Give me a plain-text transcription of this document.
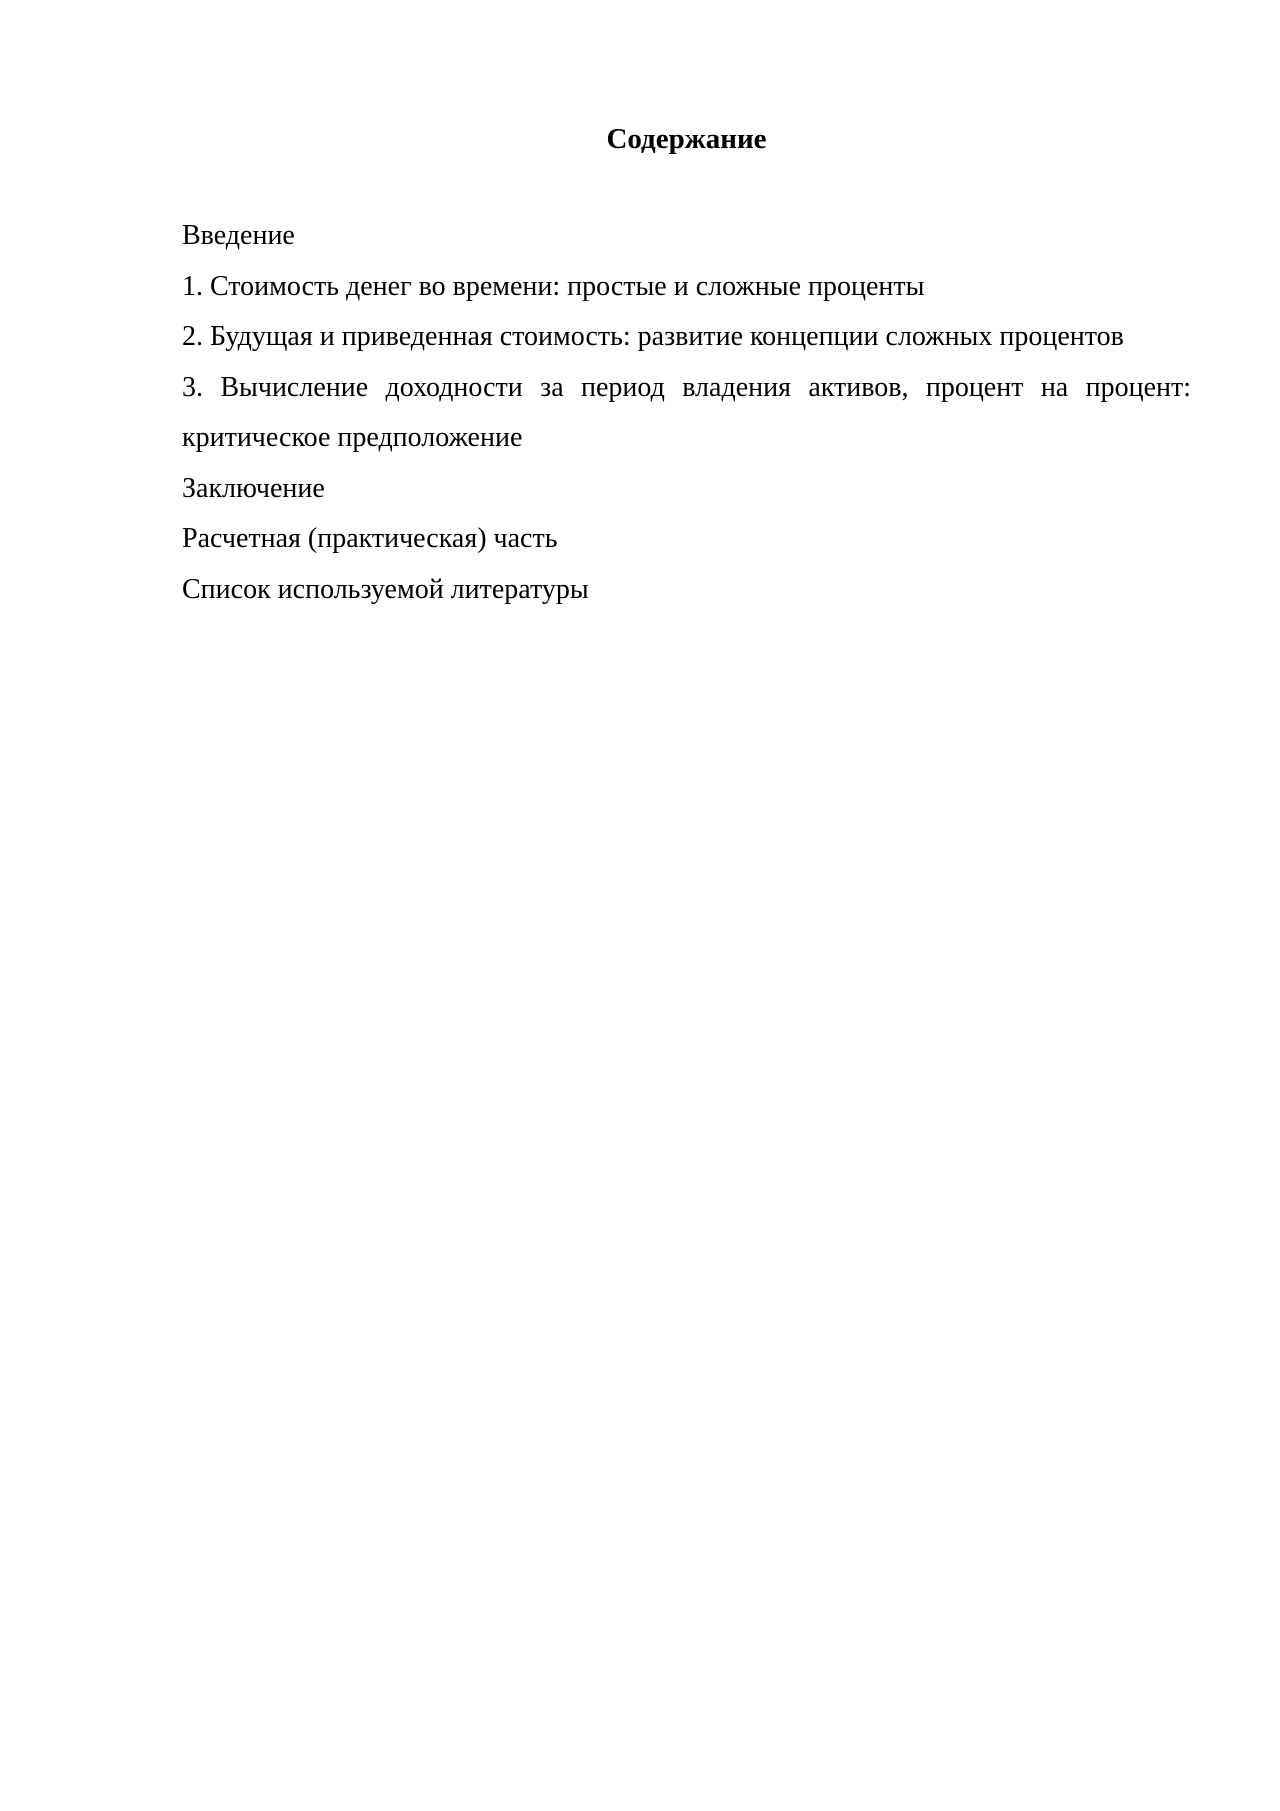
Содержание
Введение
1. Стоимость денег во времени: простые и сложные проценты
2. Будущая и приведенная стоимость: развитие концепции сложных процентов
3. Вычисление доходности за период владения активов, процент на процент: критическое предположение
Заключение
Расчетная (практическая) часть
Список используемой литературы
